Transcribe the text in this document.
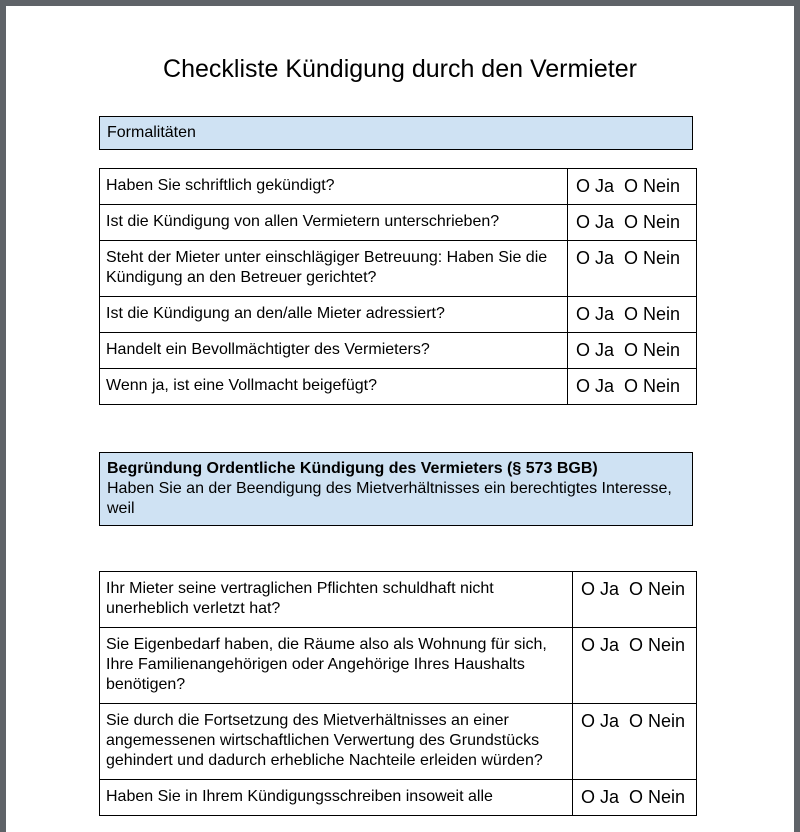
Checkliste Kündigung durch den Vermieter
Formalitäten
Haben Sie schriftlich gekündigt?	O Ja O Nein
Ist die Kündigung von allen Vermietern unterschrieben?	O Ja O Nein
Steht der Mieter unter einschlägiger Betreuung: Haben Sie die Kündigung an den Betreuer gerichtet?	O Ja O Nein
Ist die Kündigung an den/alle Mieter adressiert?	O Ja O Nein
Handelt ein Bevollmächtigter des Vermieters?	O Ja O Nein
Wenn ja, ist eine Vollmacht beigefügt?	O Ja O Nein
Begründung Ordentliche Kündigung des Vermieters (§ 573 BGB)
Haben Sie an der Beendigung des Mietverhältnisses ein berechtigtes Interesse, weil
Ihr Mieter seine vertraglichen Pflichten schuldhaft nicht unerheblich verletzt hat?	O Ja O Nein
Sie Eigenbedarf haben, die Räume also als Wohnung für sich, Ihre Familienangehörigen oder Angehörige Ihres Haushalts benötigen?	O Ja O Nein
Sie durch die Fortsetzung des Mietverhältnisses an einer angemessenen wirtschaftlichen Verwertung des Grundstücks gehindert und dadurch erhebliche Nachteile erleiden würden?	O Ja O Nein
Haben Sie in Ihrem Kündigungsschreiben insoweit alle	O Ja O Nein
